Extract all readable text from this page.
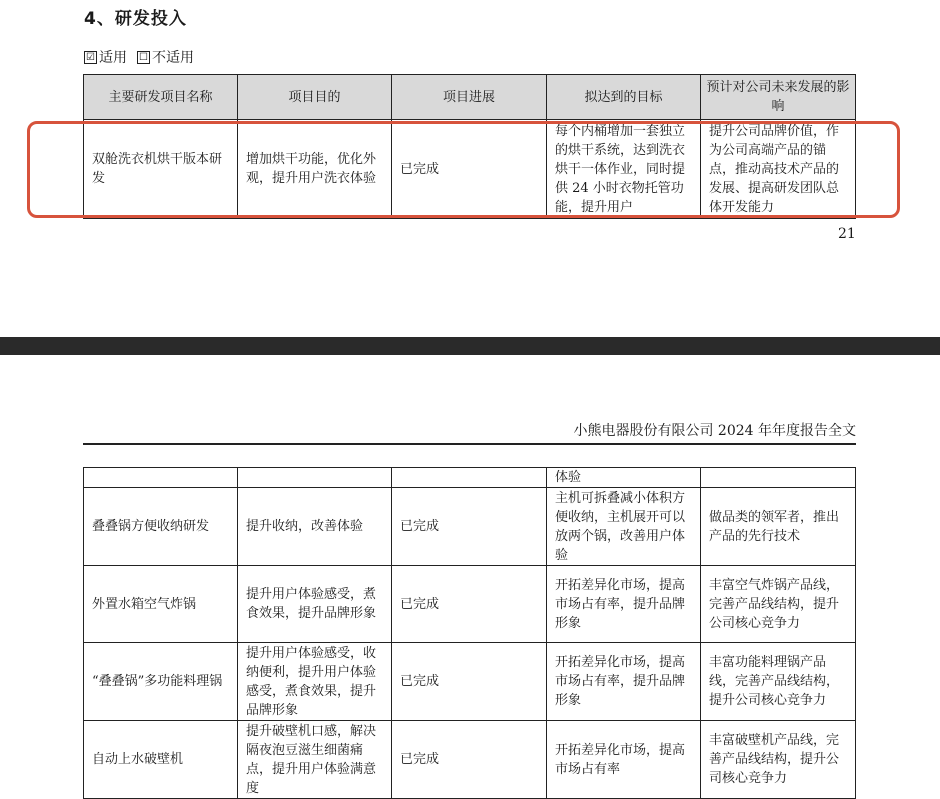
4、研发投入
☑ 适用 ☐ 不适用
主要研发项目名称	项目目的	项目进展	拟达到的目标	预计对公司未来发展的影响
双舱洗衣机烘干版本研发	增加烘干功能，优化外观，提升用户洗衣体验	已完成	每个内桶增加一套独立的烘干系统，达到洗衣烘干一体作业，同时提供 24 小时衣物托管功能，提升用户	提升公司品牌价值，作为公司高端产品的锚点，推动高技术产品的发展、提高研发团队总体开发能力
21
小熊电器股份有限公司 2024 年年度报告全文
			体验	
叠叠锅方便收纳研发	提升收纳，改善体验	已完成	主机可拆叠减小体积方便收纳，主机展开可以放两个锅，改善用户体验	做品类的领军者，推出产品的先行技术
外置水箱空气炸锅	提升用户体验感受，煮食效果，提升品牌形象	已完成	开拓差异化市场，提高市场占有率，提升品牌形象	丰富空气炸锅产品线，完善产品线结构，提升公司核心竞争力
“叠叠锅”多功能料理锅	提升用户体验感受，收纳便利，提升用户体验感受，煮食效果，提升品牌形象	已完成	开拓差异化市场，提高市场占有率，提升品牌形象	丰富功能料理锅产品线，完善产品线结构，提升公司核心竞争力
自动上水破壁机	提升破壁机口感，解决隔夜泡豆滋生细菌痛点，提升用户体验满意度	已完成	开拓差异化市场，提高市场占有率	丰富破壁机产品线，完善产品线结构，提升公司核心竞争力
